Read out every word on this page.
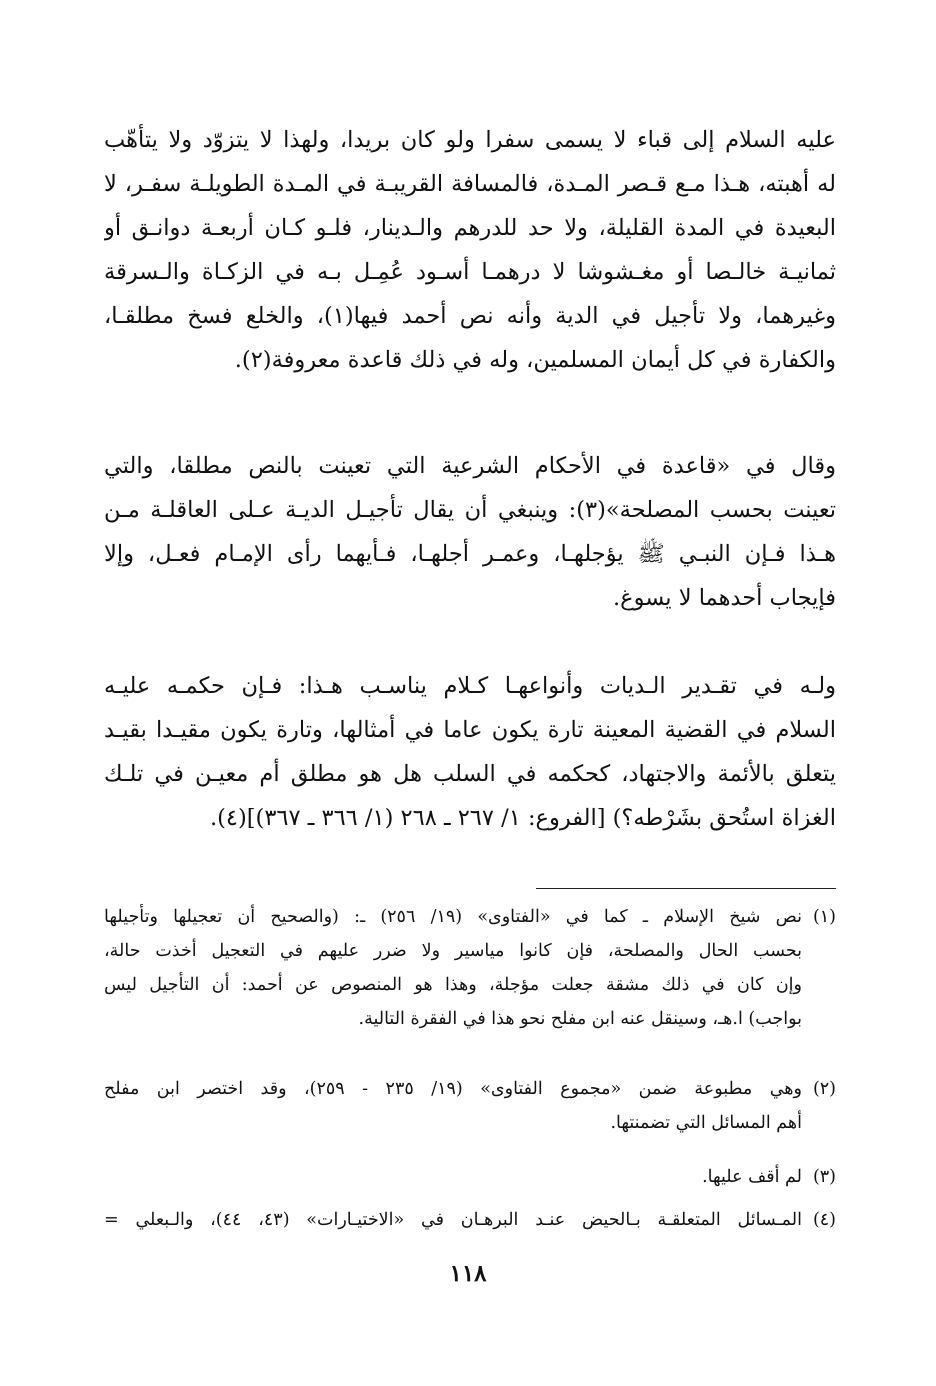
عليه السلام إلى قباء لا يسمى سفرا ولو كان بريدا، ولهذا لا يتزوّد ولا يتأهّب
له أهبته، هـذا مـع قـصر المـدة، فالمسافة القريبـة في المـدة الطويلـة سفـر، لا
البعيدة في المدة القليلة، ولا حد للدرهم والـدينار، فلـو كـان أربعـة دوانـق أو
ثمانيـة خالـصا أو مغـشوشا لا درهمـا أسـود عُمِـل بـه في الزكـاة والـسرقة
وغيرهما، ولا تأجيل في الدية وأنه نص أحمد فيها(١)، والخلع فسخ مطلقـا،
والكفارة في كل أيمان المسلمين، وله في ذلك قاعدة معروفة(٢).
وقال في «قاعدة في الأحكام الشرعية التي تعينت بالنص مطلقا، والتي
تعينت بحسب المصلحة»(٣): وينبغي أن يقال تأجيـل الديـة عـلى العاقلـة مـن
هـذا فـإن النبـي ﷺ يؤجلهـا، وعمـر أجلهـا، فـأيهما رأى الإمـام فعـل، وإلا
فإيجاب أحدهما لا يسوغ.
ولـه في تقـدير الـديات وأنواعهـا كـلام يناسـب هـذا: فـإن حكمـه عليـه
السلام في القضية المعينة تارة يكون عاما في أمثالها، وتارة يكون مقيـدا بقيـد
يتعلق بالأئمة والاجتهاد، كحكمه في السلب هل هو مطلق أم معيـن في تلـك
الغزاة استُحق بشَرْطه؟) [الفروع: ١/ ٢٦٧ ـ ٢٦٨ (١/ ٣٦٦ ـ ٣٦٧)](٤).
(١)
نص شيخ الإسلام ـ كما في «الفتاوى» (١٩/ ٢٥٦) ـ: (والصحيح أن تعجيلها وتأجيلها
بحسب الحال والمصلحة، فإن كانوا مياسير ولا ضرر عليهم في التعجيل أخذت حالة،
وإن كان في ذلك مشقة جعلت مؤجلة، وهذا هو المنصوص عن أحمد: أن التأجيل ليس
بواجب) ا.هـ، وسينقل عنه ابن مفلح نحو هذا في الفقرة التالية.
(٢)
وهي مطبوعة ضمن «مجموع الفتاوى» (١٩/ ٢٣٥ - ٢٥٩)، وقد اختصر ابن مفلح
أهم المسائل التي تضمنتها.
(٣)
لم أقف عليها.
(٤)
المـسائل المتعلقـة بـالحيض عنـد البرهـان في «الاختيـارات» (٤٣، ٤٤)، والـبعلي =
١١٨
